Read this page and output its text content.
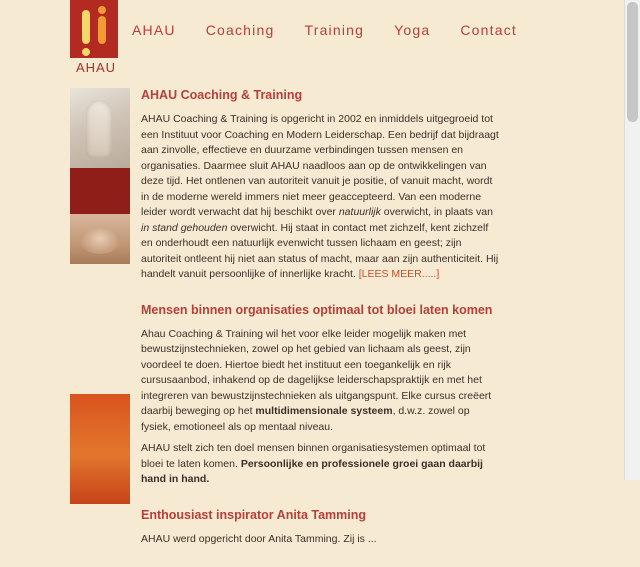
AHAU
AHAU Coaching Training Yoga Contact
AHAU Coaching & Training

AHAU Coaching & Training is opgericht in 2002 en inmiddels uitgegroeid tot een Instituut voor Coaching en Modern Leiderschap. Een bedrijf dat bijdraagt aan zinvolle, effectieve en duurzame verbindingen tussen mensen en organisaties. Daarmee sluit AHAU naadloos aan op de ontwikkelingen van deze tijd. Het ontlenen van autoriteit vanuit je positie, of vanuit macht, wordt in de moderne wereld immers niet meer geaccepteerd. Van een moderne leider wordt verwacht dat hij beschikt over natuurlijk overwicht, in plaats van in stand gehouden overwicht. Hij staat in contact met zichzelf, kent zichzelf en onderhoudt een natuurlijk evenwicht tussen lichaam en geest; zijn autoriteit ontleent hij niet aan status of macht, maar aan zijn authenticiteit. Hij handelt vanuit persoonlijke of innerlijke kracht. [LEES MEER.....]

Mensen binnen organisaties optimaal tot bloei laten komen

Ahau Coaching & Training wil het voor elke leider mogelijk maken met bewustzijnstechnieken, zowel op het gebied van lichaam als geest, zijn voordeel te doen. Hiertoe biedt het instituut een toegankelijk en rijk cursusaanbod, inhakend op de dagelijkse leiderschapspraktijk en met het integreren van bewustzijnstechnieken als uitgangspunt. Elke cursus creëert daarbij beweging op het multidimensionale systeem, d.w.z. zowel op fysiek, emotioneel als op mentaal niveau.

AHAU stelt zich ten doel mensen binnen organisatiesystemen optimaal tot bloei te laten komen. Persoonlijke en professionele groei gaan daarbij hand in hand.

Enthousiast inspirator Anita Tamming

AHAU werd opgericht door Anita Tamming. Zij is ...
